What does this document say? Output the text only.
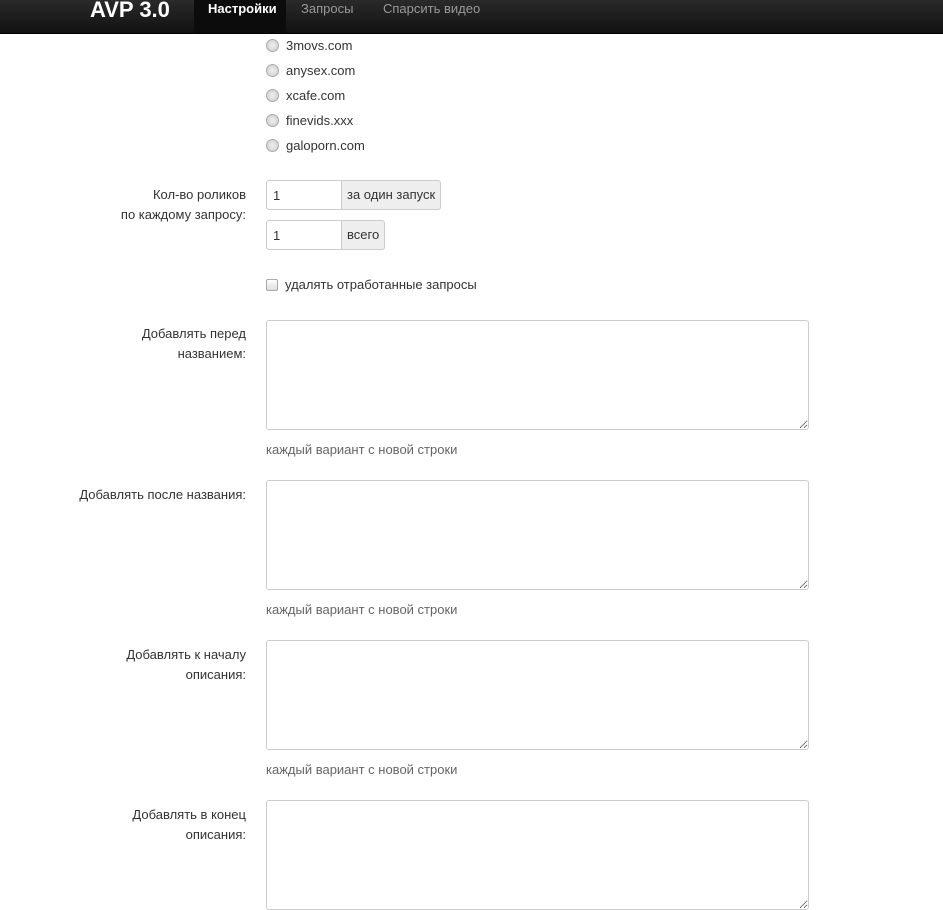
AVP 3.0	Настройки	Запросы Спарсить видео
3movs.com
anysex.com
xcafe.com
finevids.xxx
galoporn.com
Кол-во роликов
по каждому запросу:
1
за один запуск
1
всего
удалять отработанные запросы
Добавлять перед названием:
каждый вариант с новой строки
Добавлять после названия:
каждый вариант с новой строки
Добавлять к началу описания:
каждый вариант с новой строки
Добавлять в конец описания:
